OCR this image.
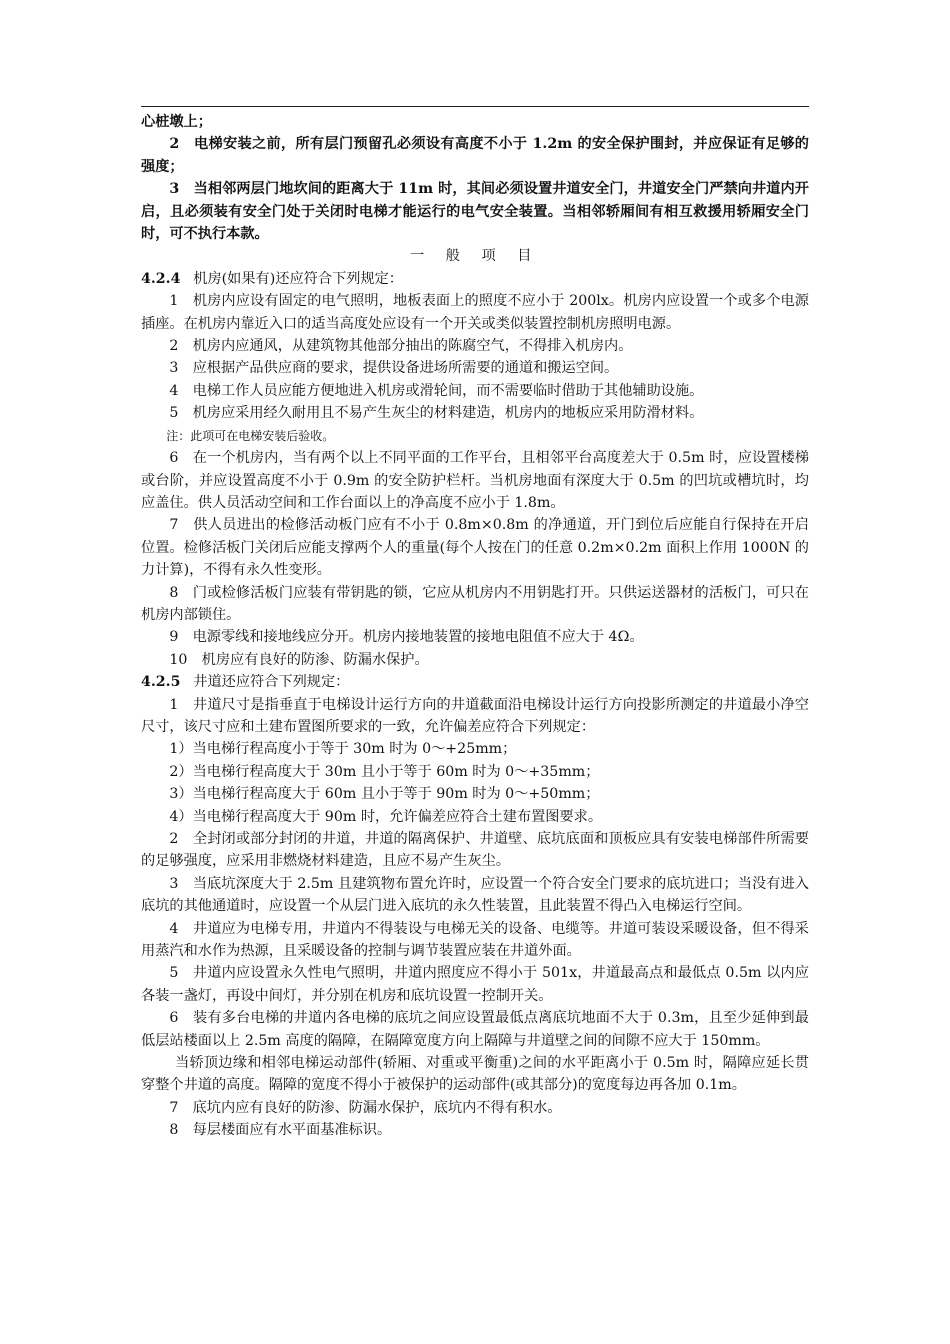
心桩墩上；

2　电梯安装之前，所有层门预留孔必须设有高度不小于 1.2m 的安全保护围封，并应保证有足够的强度；

3　当相邻两层门地坎间的距离大于 11m 时，其间必须设置井道安全门，井道安全门严禁向井道内开启，且必须装有安全门处于关闭时电梯才能运行的电气安全装置。当相邻轿厢间有相互救援用轿厢安全门时，可不执行本款。

一 般 项 目

4.2.4 机房(如果有)还应符合下列规定：

1　机房内应设有固定的电气照明，地板表面上的照度不应小于 200lx。机房内应设置一个或多个电源插座。在机房内靠近入口的适当高度处应设有一个开关或类似装置控制机房照明电源。

2　机房内应通风，从建筑物其他部分抽出的陈腐空气，不得排入机房内。

3　应根据产品供应商的要求，提供设备进场所需要的通道和搬运空间。

4　电梯工作人员应能方便地进入机房或滑轮间，而不需要临时借助于其他辅助设施。

5　机房应采用经久耐用且不易产生灰尘的材料建造，机房内的地板应采用防滑材料。

注：此项可在电梯安装后验收。

6　在一个机房内，当有两个以上不同平面的工作平台，且相邻平台高度差大于 0.5m 时，应设置楼梯或台阶，并应设置高度不小于 0.9m 的安全防护栏杆。当机房地面有深度大于 0.5m 的凹坑或槽坑时，均应盖住。供人员活动空间和工作台面以上的净高度不应小于 1.8m。

7　供人员进出的检修活动板门应有不小于 0.8m×0.8m 的净通道，开门到位后应能自行保持在开启位置。检修活板门关闭后应能支撑两个人的重量(每个人按在门的任意 0.2m×0.2m 面积上作用 1000N 的力计算)，不得有永久性变形。

8　门或检修活板门应装有带钥匙的锁，它应从机房内不用钥匙打开。只供运送器材的活板门，可只在机房内部锁住。

9　电源零线和接地线应分开。机房内接地装置的接地电阻值不应大于 4Ω。

10　机房应有良好的防渗、防漏水保护。

4.2.5 井道还应符合下列规定：

1　井道尺寸是指垂直于电梯设计运行方向的井道截面沿电梯设计运行方向投影所测定的井道最小净空尺寸，该尺寸应和土建布置图所要求的一致，允许偏差应符合下列规定：

1）当电梯行程高度小于等于 30m 时为 0～+25mm；

2）当电梯行程高度大于 30m 且小于等于 60m 时为 0～+35mm；

3）当电梯行程高度大于 60m 且小于等于 90m 时为 0～+50mm；

4）当电梯行程高度大于 90m 时，允许偏差应符合土建布置图要求。

2　全封闭或部分封闭的井道，井道的隔离保护、井道壁、底坑底面和顶板应具有安装电梯部件所需要的足够强度，应采用非燃烧材料建造，且应不易产生灰尘。

3　当底坑深度大于 2.5m 且建筑物布置允许时，应设置一个符合安全门要求的底坑进口；当没有进入底坑的其他通道时，应设置一个从层门进入底坑的永久性装置，且此装置不得凸入电梯运行空间。

4　井道应为电梯专用，井道内不得装设与电梯无关的设备、电缆等。井道可装设采暖设备，但不得采用蒸汽和水作为热源，且采暖设备的控制与调节装置应装在井道外面。

5　井道内应设置永久性电气照明，井道内照度应不得小于 501x，井道最高点和最低点 0.5m 以内应各装一盏灯，再设中间灯，并分别在机房和底坑设置一控制开关。

6　装有多台电梯的井道内各电梯的底坑之间应设置最低点离底坑地面不大于 0.3m，且至少延伸到最低层站楼面以上 2.5m 高度的隔障，在隔障宽度方向上隔障与井道壁之间的间隙不应大于 150mm。

当轿顶边缘和相邻电梯运动部件(轿厢、对重或平衡重)之间的水平距离小于 0.5m 时，隔障应延长贯穿整个井道的高度。隔障的宽度不得小于被保护的运动部件(或其部分)的宽度每边再各加 0.1m。

7　底坑内应有良好的防渗、防漏水保护，底坑内不得有积水。

8　每层楼面应有水平面基准标识。
